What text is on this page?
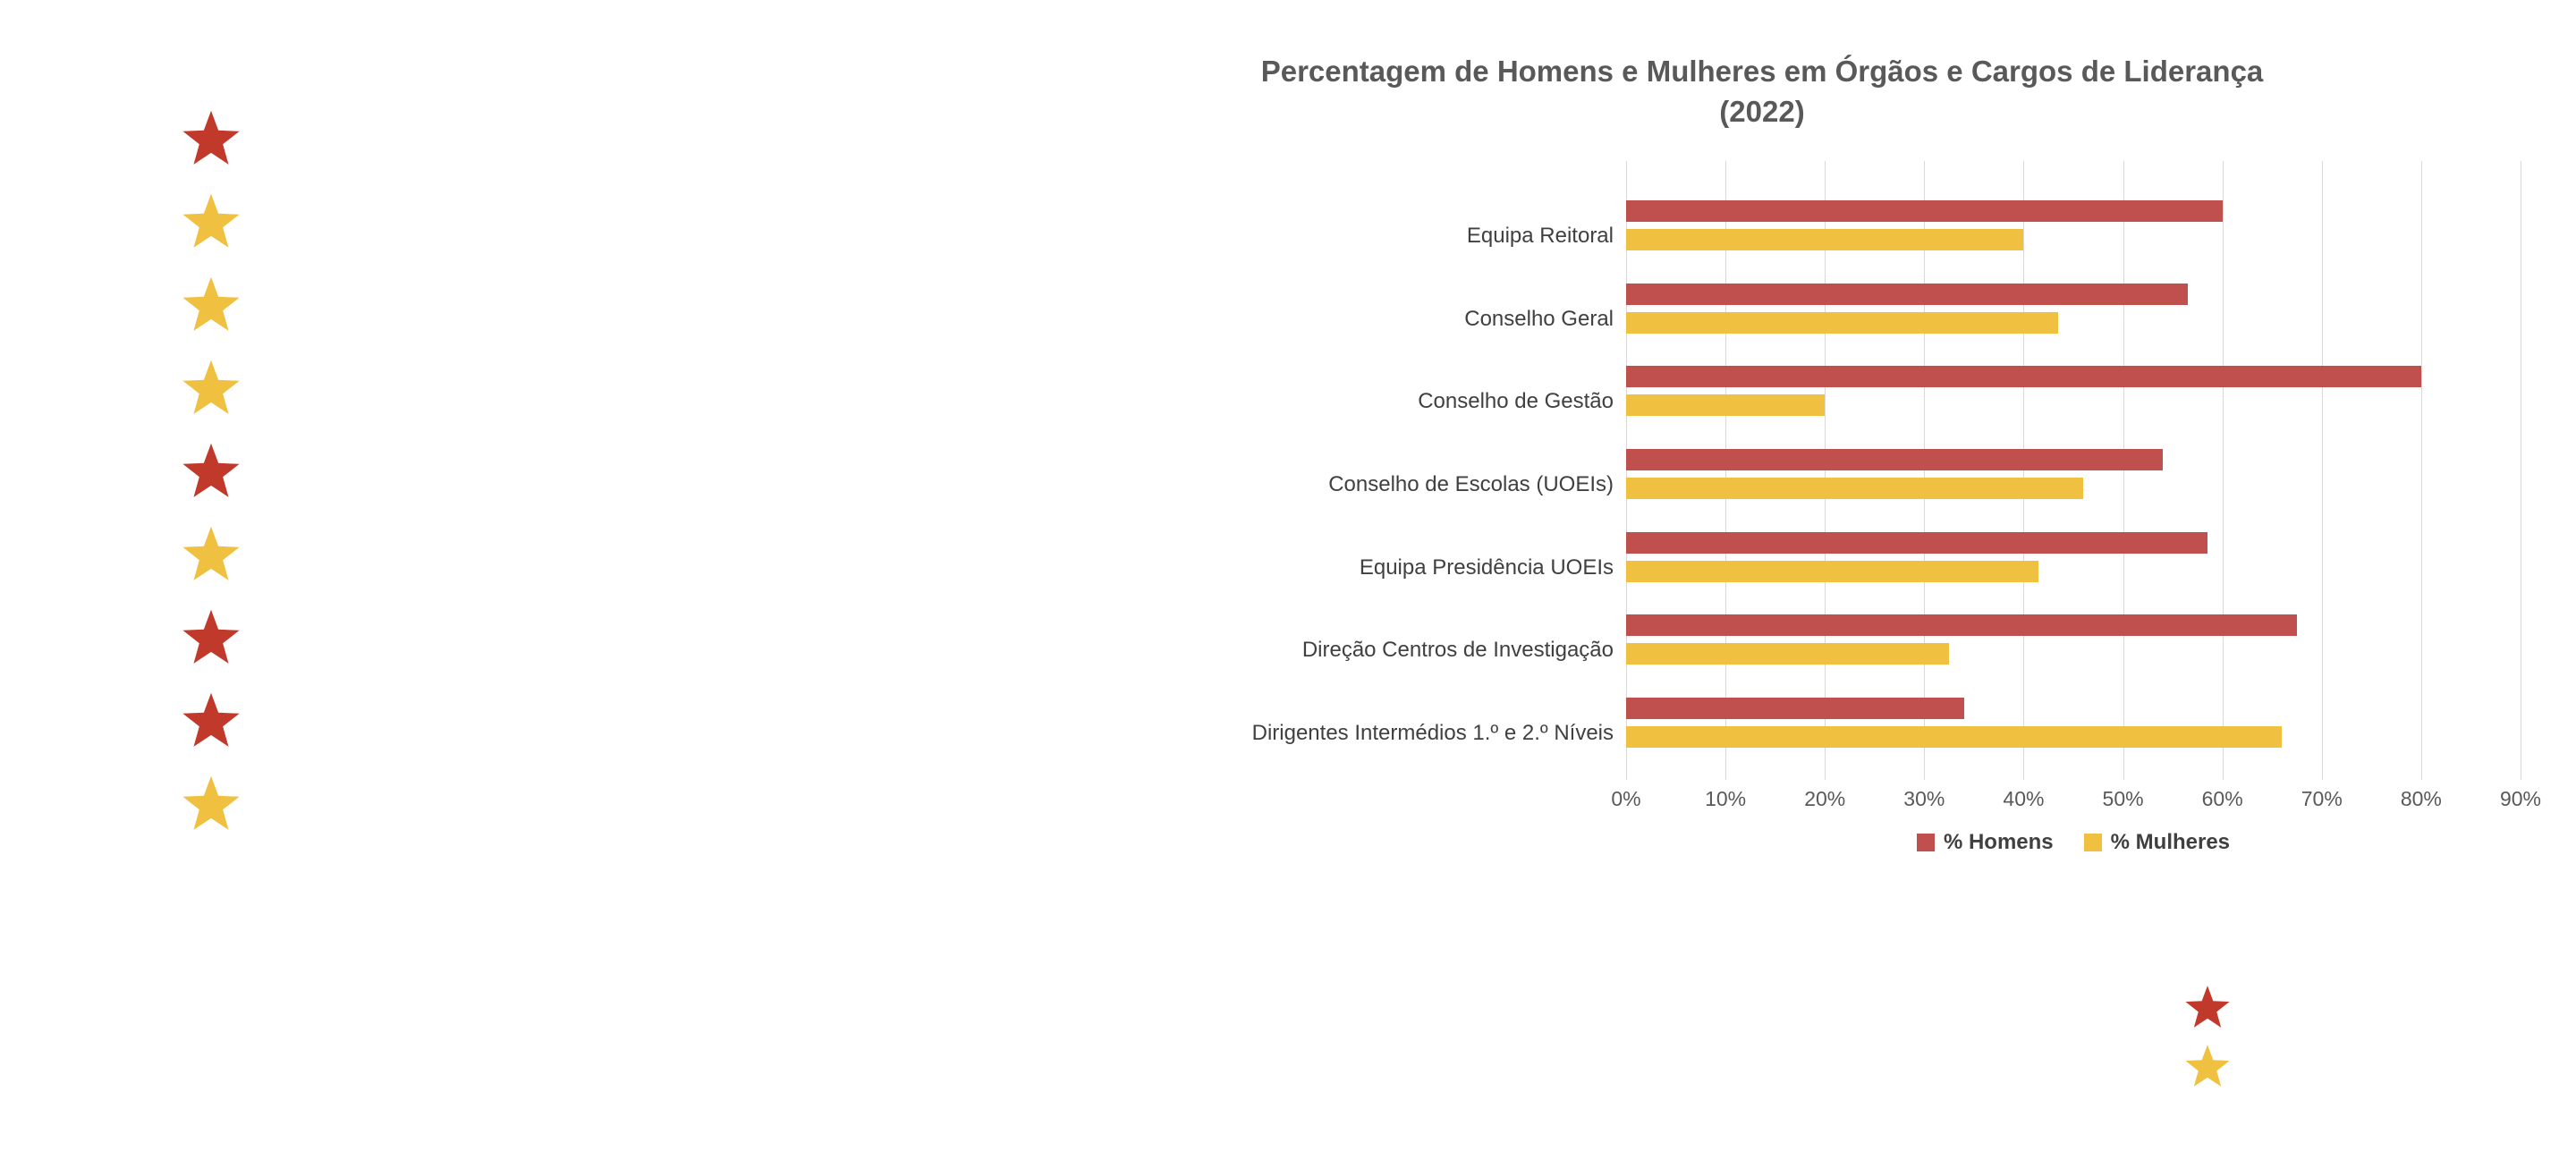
Percentagem de Homens e Mulheres em Órgãos e Cargos de Liderança
(2022)
Equipa Reitoral
Conselho Geral
Conselho de Gestão
Conselho de Escolas (UOEIs)
Equipa Presidência UOEIs
Direção Centros de Investigação
Dirigentes Intermédios 1.º e 2.º Níveis
0%	10%	20%	30%	40%	50%	60%	70%	80%	90%
% Homens	% Mulheres
